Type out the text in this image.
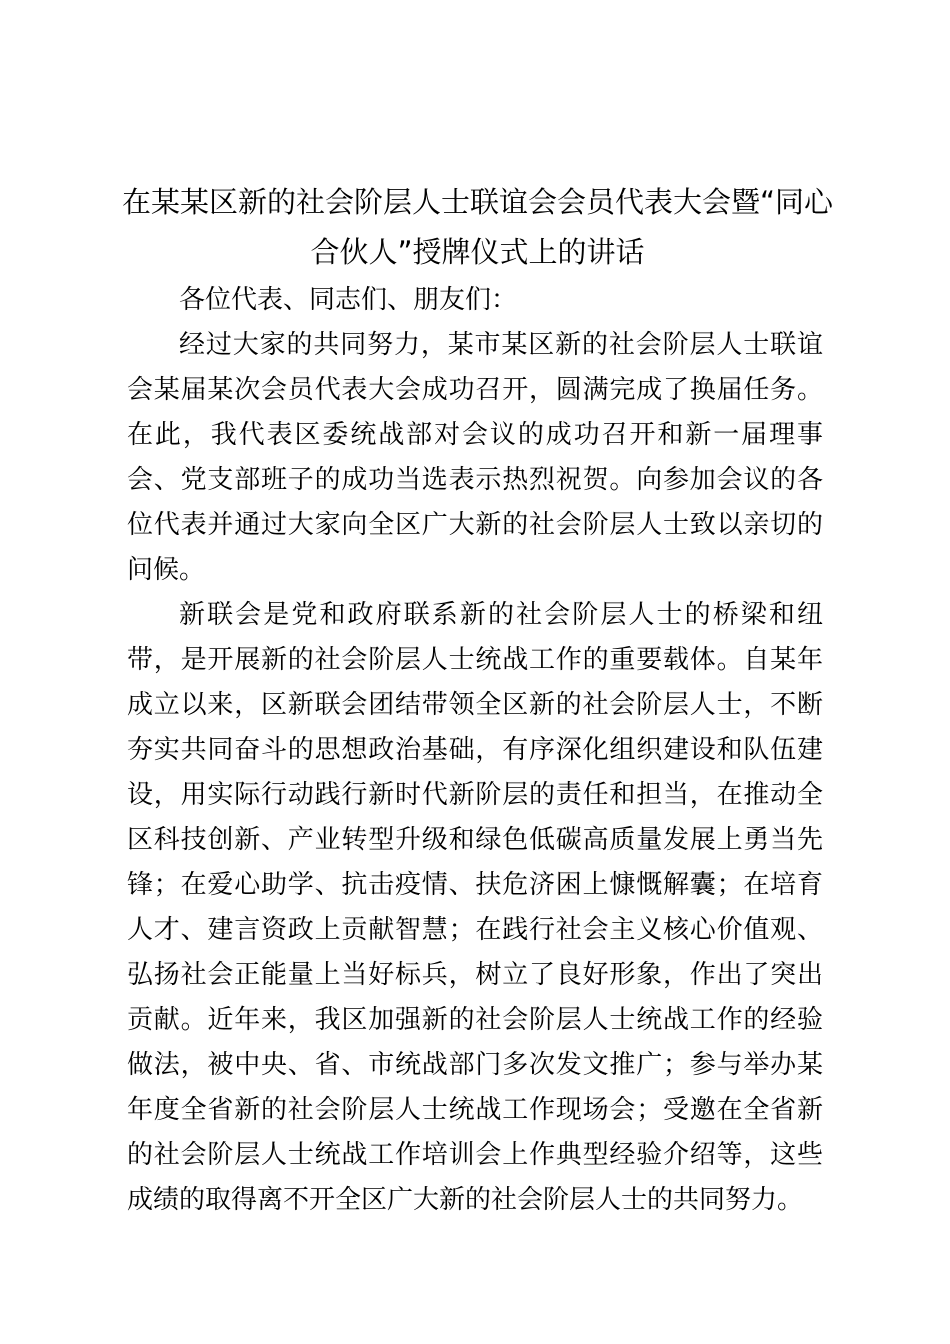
在某某区新的社会阶层人士联谊会会员代表大会暨“同心合伙人”授牌仪式上的讲话

各位代表、同志们、朋友们：

经过大家的共同努力，某市某区新的社会阶层人士联谊会某届某次会员代表大会成功召开，圆满完成了换届任务。在此，我代表区委统战部对会议的成功召开和新一届理事会、党支部班子的成功当选表示热烈祝贺。向参加会议的各位代表并通过大家向全区广大新的社会阶层人士致以亲切的问候。

新联会是党和政府联系新的社会阶层人士的桥梁和纽带，是开展新的社会阶层人士统战工作的重要载体。自某年成立以来，区新联会团结带领全区新的社会阶层人士，不断夯实共同奋斗的思想政治基础，有序深化组织建设和队伍建设，用实际行动践行新时代新阶层的责任和担当，在推动全区科技创新、产业转型升级和绿色低碳高质量发展上勇当先锋；在爱心助学、抗击疫情、扶危济困上慷慨解囊；在培育人才、建言资政上贡献智慧；在践行社会主义核心价值观、弘扬社会正能量上当好标兵，树立了良好形象，作出了突出贡献。近年来，我区加强新的社会阶层人士统战工作的经验做法，被中央、省、市统战部门多次发文推广；参与举办某年度全省新的社会阶层人士统战工作现场会；受邀在全省新的社会阶层人士统战工作培训会上作典型经验介绍等，这些成绩的取得离不开全区广大新的社会阶层人士的共同努力。
